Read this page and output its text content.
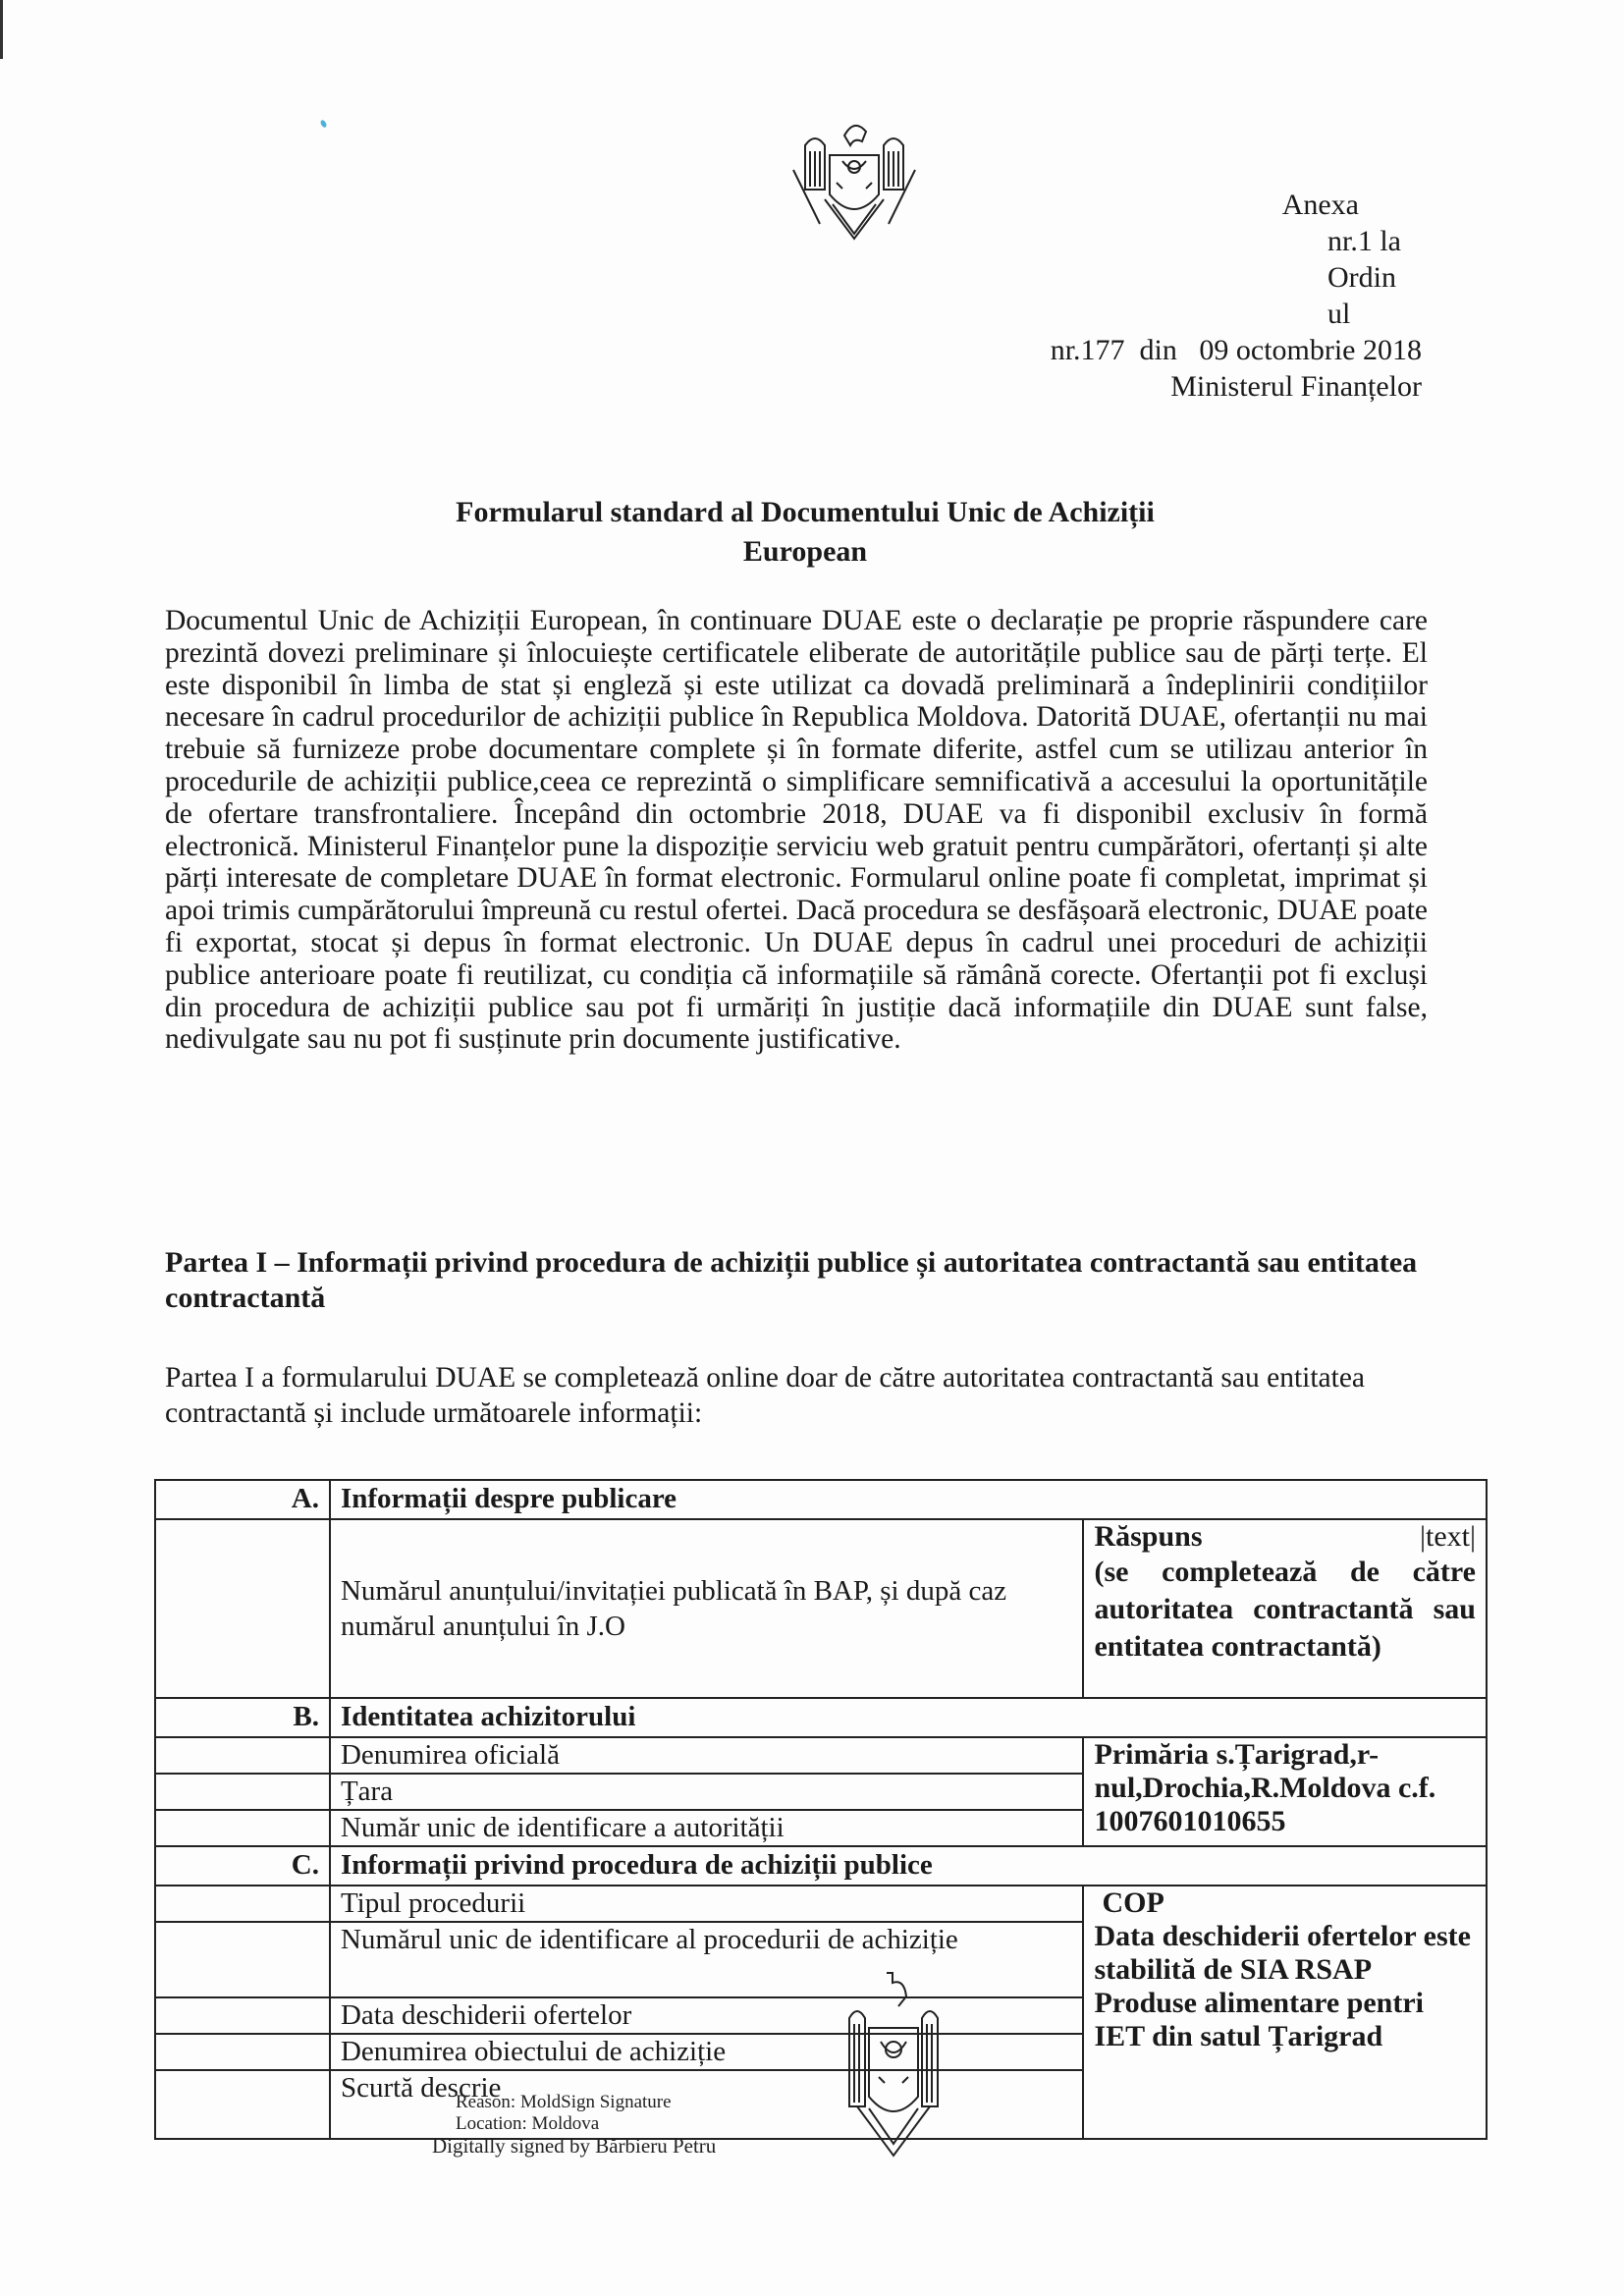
Anexa
nr.1 la
Ordin
ul
nr.177  din   09 octombrie 2018
Ministerul Finanțelor
Formularul standard al Documentului Unic de Achiziții
European
Documentul Unic de Achiziții European, în continuare DUAE este o declarație pe proprie răspundere care prezintă dovezi preliminare și înlocuiește certificatele eliberate de autoritățile publice sau de părți terțe. El este disponibil în limba de stat și engleză și este utilizat ca dovadă preliminară a îndeplinirii condițiilor necesare în cadrul procedurilor de achiziții publice în Republica Moldova. Datorită DUAE, ofertanții nu mai trebuie să furnizeze probe documentare complete și în formate diferite, astfel cum se utilizau anterior în procedurile de achiziții publice,ceea ce reprezintă o simplificare semnificativă a accesului la oportunitățile de ofertare transfrontaliere. Începând din octombrie 2018, DUAE va fi disponibil exclusiv în formă electronică. Ministerul Finanțelor pune la dispoziție serviciu web gratuit pentru cumpărători, ofertanți și alte părți interesate de completare DUAE în format electronic. Formularul online poate fi completat, imprimat și apoi trimis cumpărătorului împreună cu restul ofertei. Dacă procedura se desfășoară electronic, DUAE poate fi exportat, stocat și depus în format electronic. Un DUAE depus în cadrul unei proceduri de achiziții publice anterioare poate fi reutilizat, cu condiția că informațiile să rămână corecte. Ofertanții pot fi excluși din procedura de achiziții publice sau pot fi urmăriți în justiție dacă informațiile din DUAE sunt false, nedivulgate sau nu pot fi susținute prin documente justificative.
Partea I – Informații privind procedura de achiziții publice și autoritatea contractantă sau entitatea contractantă
Partea I a formularului DUAE se completează online doar de către autoritatea contractantă sau entitatea contractantă și include următoarele informații:
A.	Informații despre publicare	
	Numărul anunțului/invitației publicată în BAP, și după caz numărul anunțului în J.O	Răspuns |text|
(se completează de către autoritatea contractantă sau entitatea contractantă)

B.	Identitatea achizitorului	
	Denumirea oficială	Primăria s.Țarigrad,r-nul,Drochia,R.Moldova c.f. 1007601010655
	Țara	
	Număr unic de identificare a autorității	
C.	Informații privind procedura de achiziții publice	
	Tipul procedurii	COP
Data deschiderii ofertelor este stabilită de SIA RSAP
Produse alimentare pentri IET din satul Țarigrad

	Numărul unic de identificare al procedurii de achiziție	
	Data deschiderii ofertelor	
	Denumirea obiectului de achiziție	
	Scurtă descrie	
Reason: MoldSign Signature
Location: Moldova
Digitally signed by Bărbieru Petru
